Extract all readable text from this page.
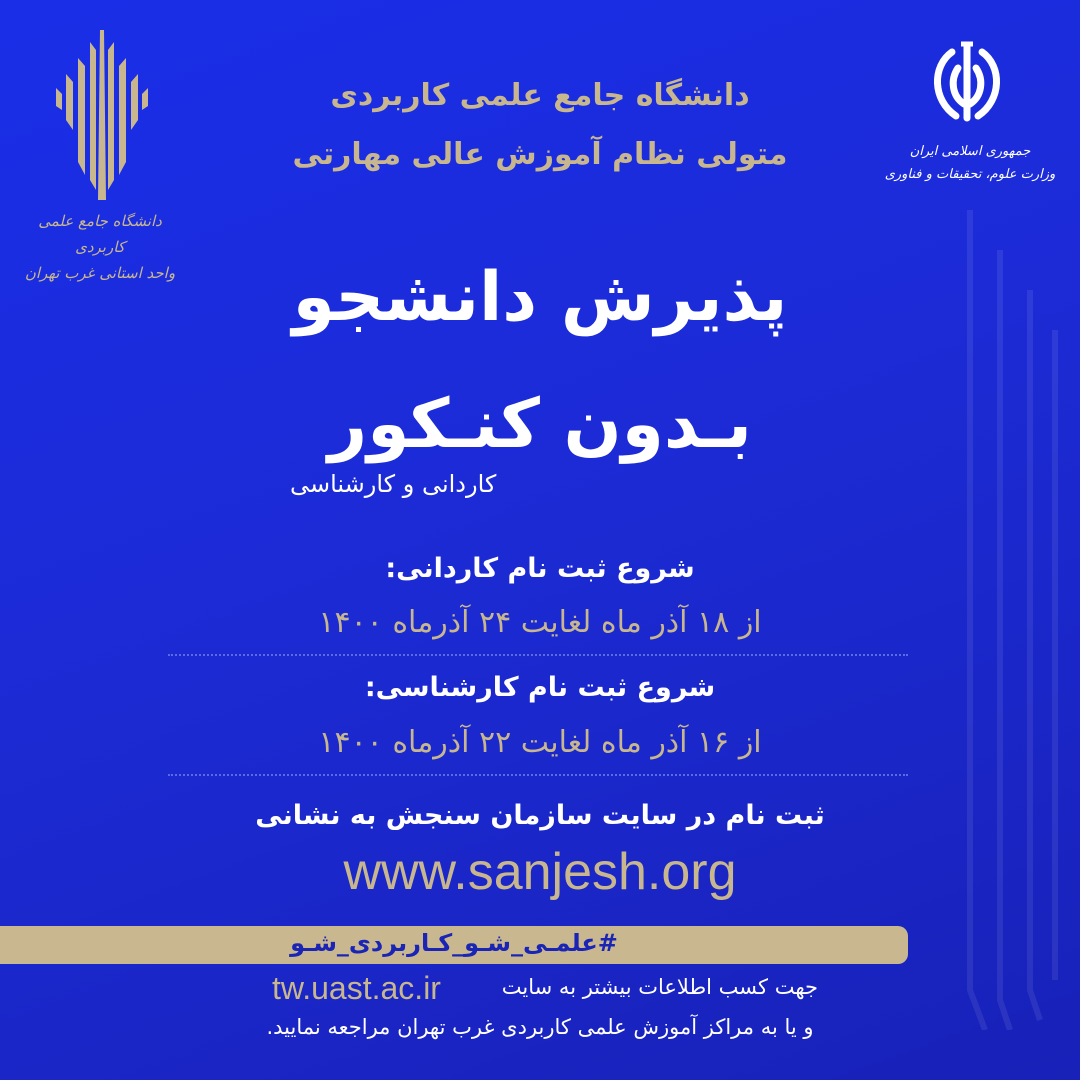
دانشگاه جامع علمی کاربردی
واحد استانی غرب تهران
جمهوری اسلامی ایران
وزارت علوم، تحقیقات و فناوری
دانشگاه جامع علمی کاربردی
متولی نظام آموزش عالی مهارتی
پذیرش دانشجو
بـدون کنـکور
کاردانی و کارشناسی
شروع ثبت نام کاردانی:
از ۱۸ آذر ماه لغایت ۲۴ آذرماه ۱۴۰۰
شروع ثبت نام کارشناسی:
از ۱۶ آذر ماه لغایت ۲۲ آذرماه ۱۴۰۰
ثبت نام در سایت سازمان سنجش به نشانی
www.sanjesh.org
#علمـی_شـو_کـاربردی_شـو
جهت کسب اطلاعات بیشتر به سایت
tw.uast.ac.ir
و یا به مراکز آموزش علمی کاربردی غرب تهران مراجعه نمایید.
